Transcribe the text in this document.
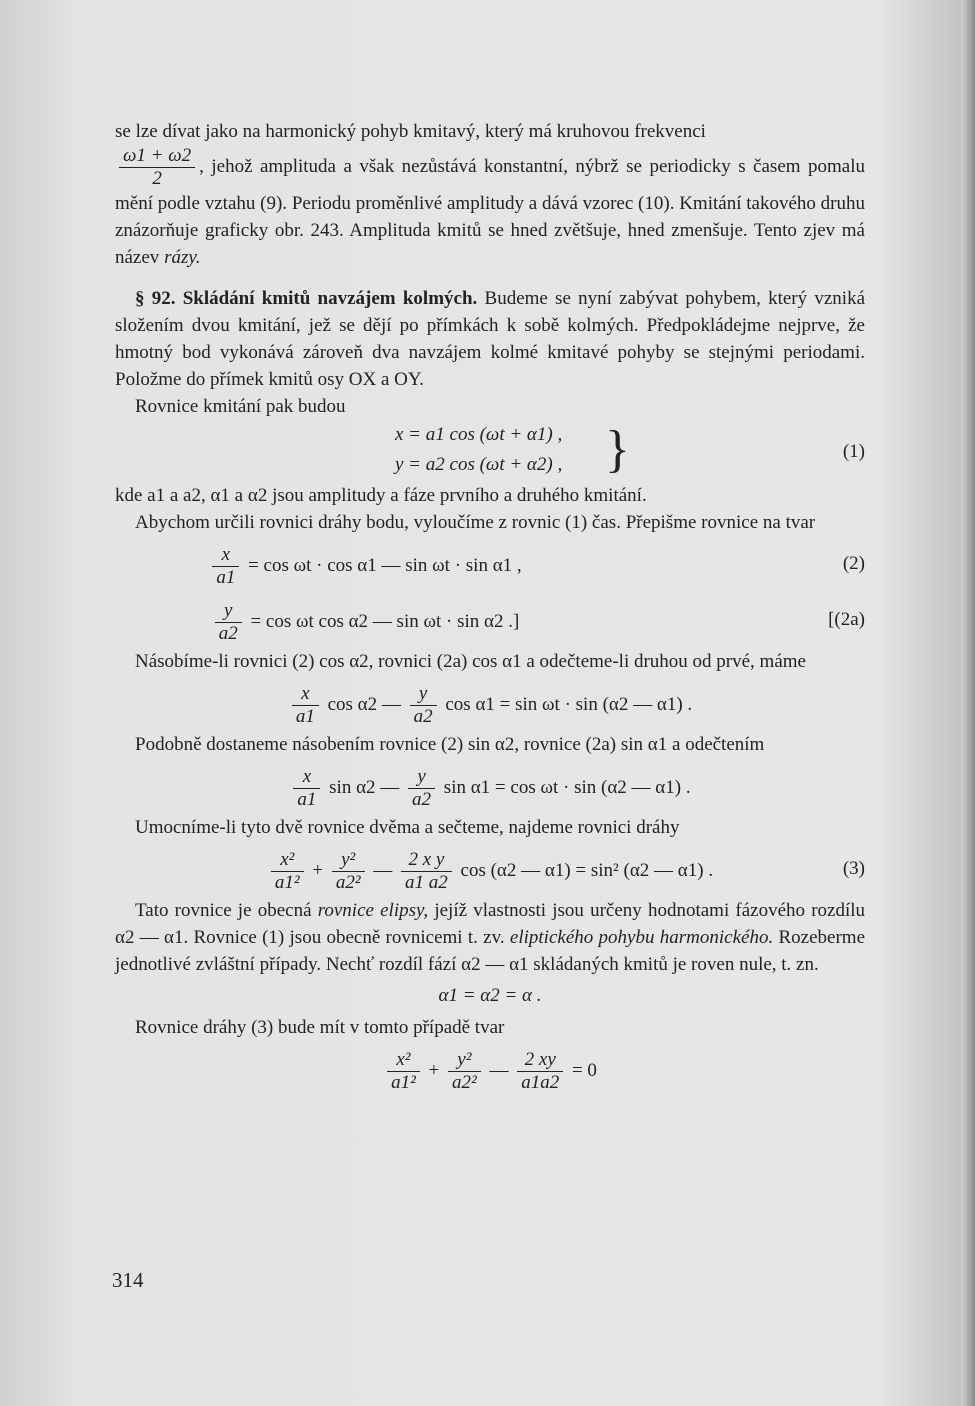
se lze dívat jako na harmonický pohyb kmitavý, který má kruhovou frekvenci

$\frac{\omega 1 + \omega 2}{2}$ , jehož amplituda a však nezůstává konstantní, nýbrž se periodicky s časem pomalu mění podle vztahu (9). Periodu proměnlivé amplitudy a dává vzorec (10). Kmitání takového druhu znázorňuje graficky obr. 243. Amplituda kmitů se hned zvětšuje, hned zmenšuje. Tento zjev má název rázy.

§ 92. Skládání kmitů navzájem kolmých. Budeme se nyní zabývat pohybem, který vzniká složením dvou kmitání, jež se dějí po přímkách k sobě kolmých. Předpokládejme nejprve, že hmotný bod vykonává zároveň dva navzájem kolmé kmitavé pohyby se stejnými periodami. Položme do přímek kmitů osy OX a OY.

Rovnice kmitání pak budou

x = a1 cos (ωt + α1) ,
y = a2 cos (ωt + α2) , }	(1)

kde a1 a a2, α1 a α2 jsou amplitudy a fáze prvního a druhého kmitání.

Abychom určili rovnici dráhy bodu, vyloučíme z rovnic (1) čas. Přepišme rovnice na tvar

$\frac{x}{a1} = \cos \omega t \cdot \cos \alpha 1$ — sin ωt · sin α1 ,	(2)
$\frac{y}{a2} = \cos \omega t$ cos α2 — sin ωt · sin α2 .]	[(2a)

Násobíme-li rovnici (2) cos α2, rovnici (2a) cos α1 a odečteme-li druhou od prvé, máme

$\frac{x}{a1}$ cos α2 — $\frac{y}{a2}$ cos α1 = sin ωt · sin (α2 — α1) .

Podobně dostaneme násobením rovnice (2) sin α2, rovnice (2a) sin α1 a odečtením

$\frac{x}{a1}$ sin α2 — $\frac{y}{a2}$ sin α1 = cos ωt · sin (α2 — α1) .

Umocníme-li tyto dvě rovnice dvěma a sečteme, najdeme rovnici dráhy

$\frac{\text{x²}}{\text{a1²}} + \frac{\text{y²}}{\text{a2²}}$ — $\frac{\text{2 x y}}{a1 a2}$ cos (α2 — α1) = sin² (α2 — α1) .	(3)

Tato rovnice je obecná rovnice elipsy, jejíž vlastnosti jsou určeny hodnotami fázového rozdílu α2 — α1. Rovnice (1) jsou obecně rovnicemi t. zv. eliptického pohybu harmonického. Rozeberme jednotlivé zvláštní případy. Nechť rozdíl fází α2 — α1 skládaných kmitů je roven nule, t. zn.

α1 = α2 = α .

Rovnice dráhy (3) bude mít v tomto případě tvar

$\frac{\text{x²}}{\text{a1²}} + \frac{\text{y²}}{\text{a2²}}$ — $\frac{2 xy}{a1a2} = 0$
314
